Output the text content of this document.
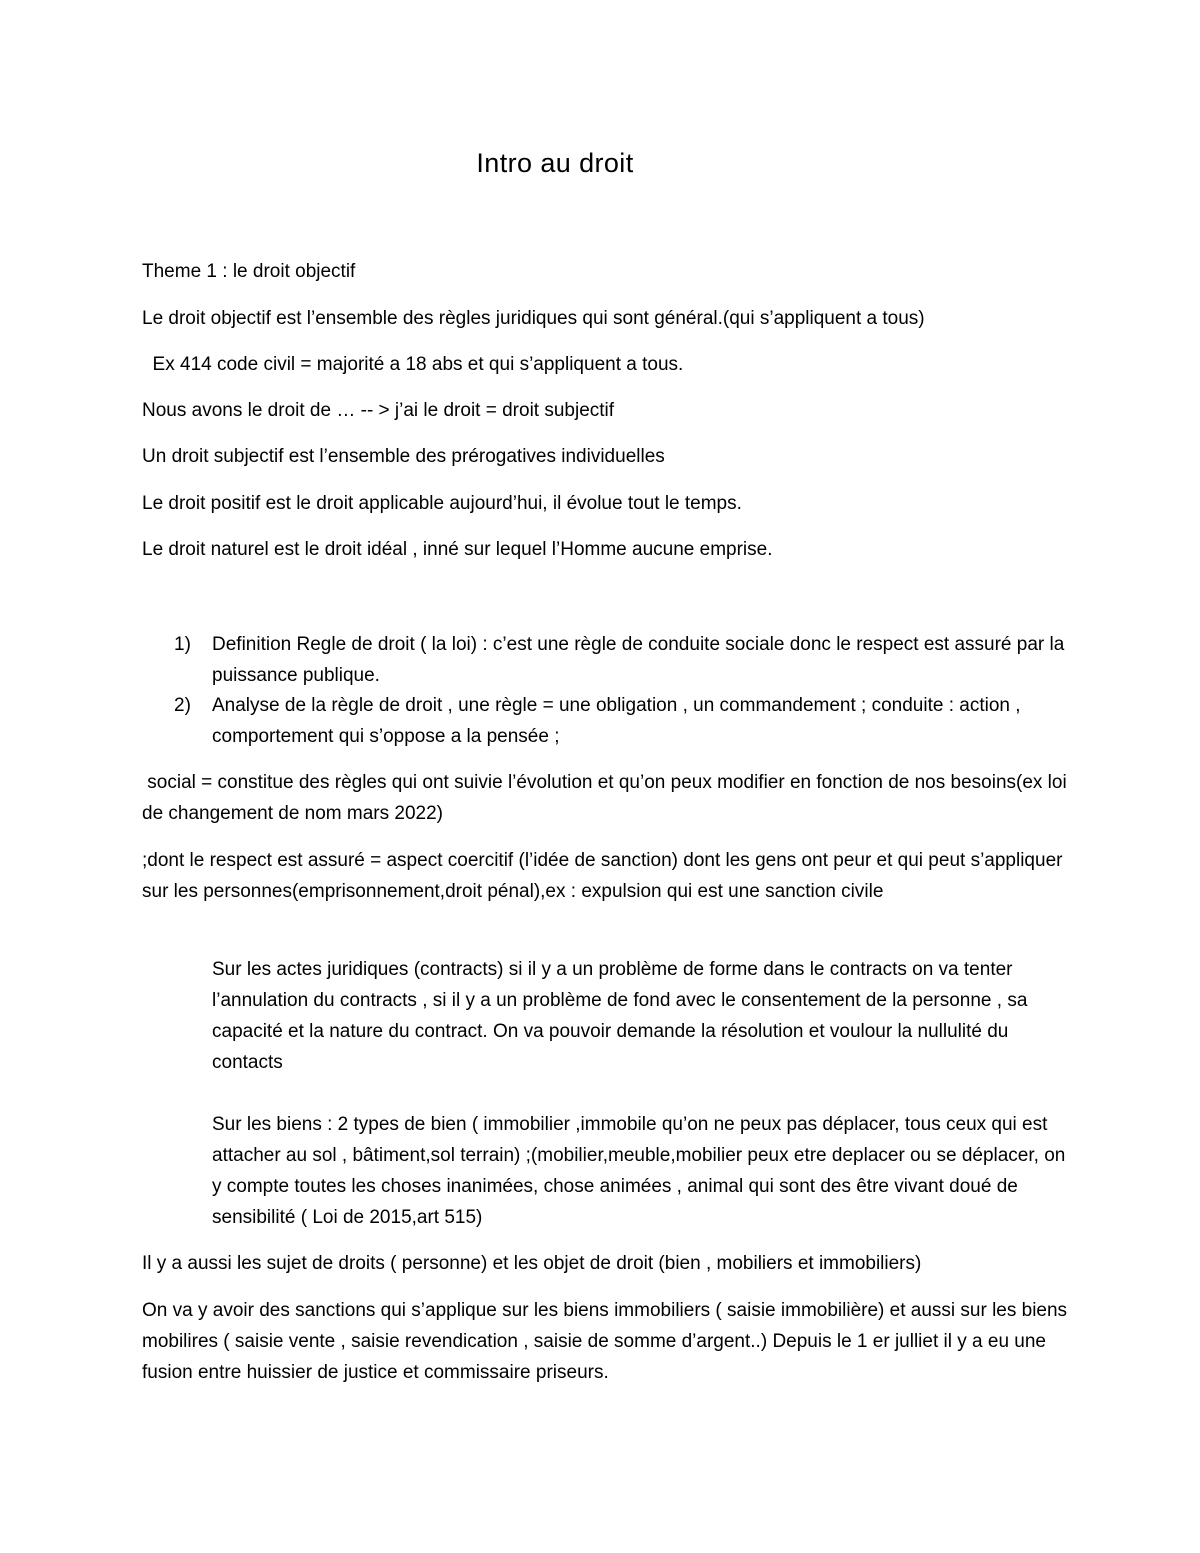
Intro au droit
Theme 1 : le droit objectif
Le droit objectif est l’ensemble des règles juridiques qui sont général.(qui s’appliquent a tous)
Ex 414 code civil = majorité a 18 abs et qui s’appliquent a tous.
Nous avons le droit de … -- > j’ai le droit = droit subjectif
Un droit subjectif est l’ensemble des prérogatives individuelles
Le droit positif est le droit applicable aujourd’hui, il évolue tout le temps.
Le droit naturel est le droit idéal , inné sur lequel l’Homme aucune emprise.
1)	Definition Regle de droit ( la loi) : c’est une règle de conduite sociale donc le respect est assuré par la puissance publique.
2)	Analyse de la règle de droit , une règle = une obligation , un commandement ; conduite : action , comportement qui s’oppose a la pensée ;
social = constitue des règles qui ont suivie l’évolution et qu’on peux modifier en fonction de nos besoins(ex loi de changement de nom mars 2022)
;dont le respect est assuré = aspect coercitif (l’idée de sanction) dont les gens ont peur et qui peut s’appliquer sur les personnes(emprisonnement,droit pénal),ex : expulsion qui est une sanction civile
Sur les actes juridiques (contracts) si il y a un problème de forme dans le contracts on va tenter l’annulation du contracts , si il y a un problème de fond avec le consentement de la personne , sa capacité et la nature du contract. On va pouvoir demande la résolution et voulour la nullulité du contacts
Sur les biens : 2 types de bien ( immobilier ,immobile qu’on ne peux pas déplacer, tous ceux qui est attacher au sol , bâtiment,sol terrain) ;(mobilier,meuble,mobilier peux etre deplacer ou se déplacer, on y compte toutes les choses inanimées, chose animées , animal qui sont des être vivant doué de sensibilité ( Loi de 2015,art 515)
Il y a aussi les sujet de droits ( personne) et les objet de droit (bien , mobiliers et immobiliers)
On va y avoir des sanctions qui s’applique sur les biens immobiliers ( saisie immobilière) et aussi sur les biens mobilires ( saisie vente , saisie revendication , saisie de somme d’argent..) Depuis le 1 er julliet il y a eu une fusion entre huissier de justice et commissaire priseurs.
